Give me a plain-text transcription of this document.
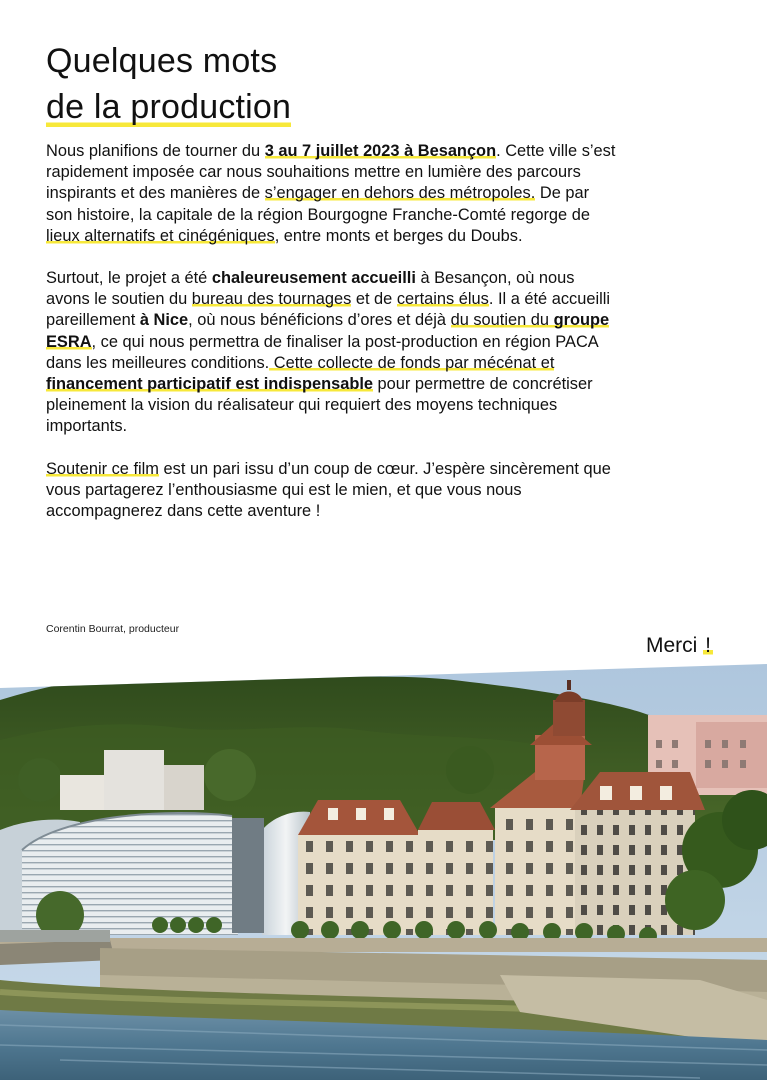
Quelques mots
de la production

Nous planifions de tourner du 3 au 7 juillet 2023 à Besançon. Cette ville s’est rapidement imposée car nous souhaitions mettre en lumière des parcours inspirants et des manières de s’engager en dehors des métropoles. De par son histoire, la capitale de la région Bourgogne Franche-Comté regorge de lieux alternatifs et cinégéniques, entre monts et berges du Doubs.

Surtout, le projet a été chaleureusement accueilli à Besançon, où nous avons le soutien du bureau des tournages et de certains élus. Il a été accueilli pareillement à Nice, où nous bénéficions d’ores et déjà du soutien du groupe ESRA, ce qui nous permettra de finaliser la post-production en région PACA dans les meilleures conditions. Cette collecte de fonds par mécénat et financement participatif est indispensable pour permettre de concrétiser pleinement la vision du réalisateur qui requiert des moyens techniques importants.

Soutenir ce film est un pari issu d’un coup de cœur. J’espère sincèrement que vous partagerez l’enthousiasme qui est le mien, et que vous nous accompagnerez dans cette aventure !

Corentin Bourrat, producteur
Merci !
